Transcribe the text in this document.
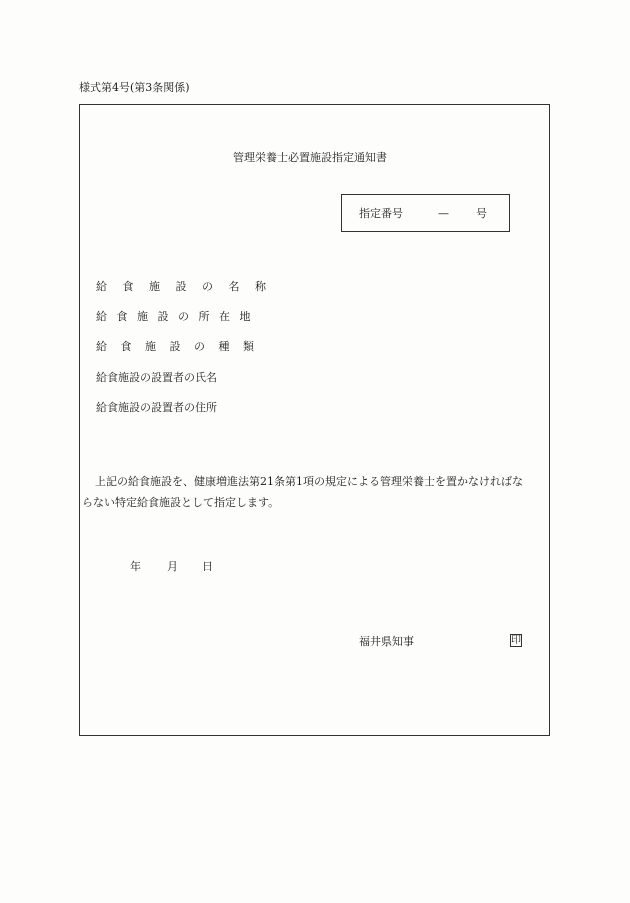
様式第4号(第3条関係)
管理栄養士必置施設指定通知書
指定番号	— 号
給 食 施 設 の 名 称
給 食 施 設 の 所 在 地
給 食 施 設 の 種 類
給食施設の設置者の氏名
給食施設の設置者の住所
上記の給食施設を、健康増進法第21条第1項の規定による管理栄養士を置かなければな
らない特定給食施設として指定します。
年 月 日
福井県知事	印
